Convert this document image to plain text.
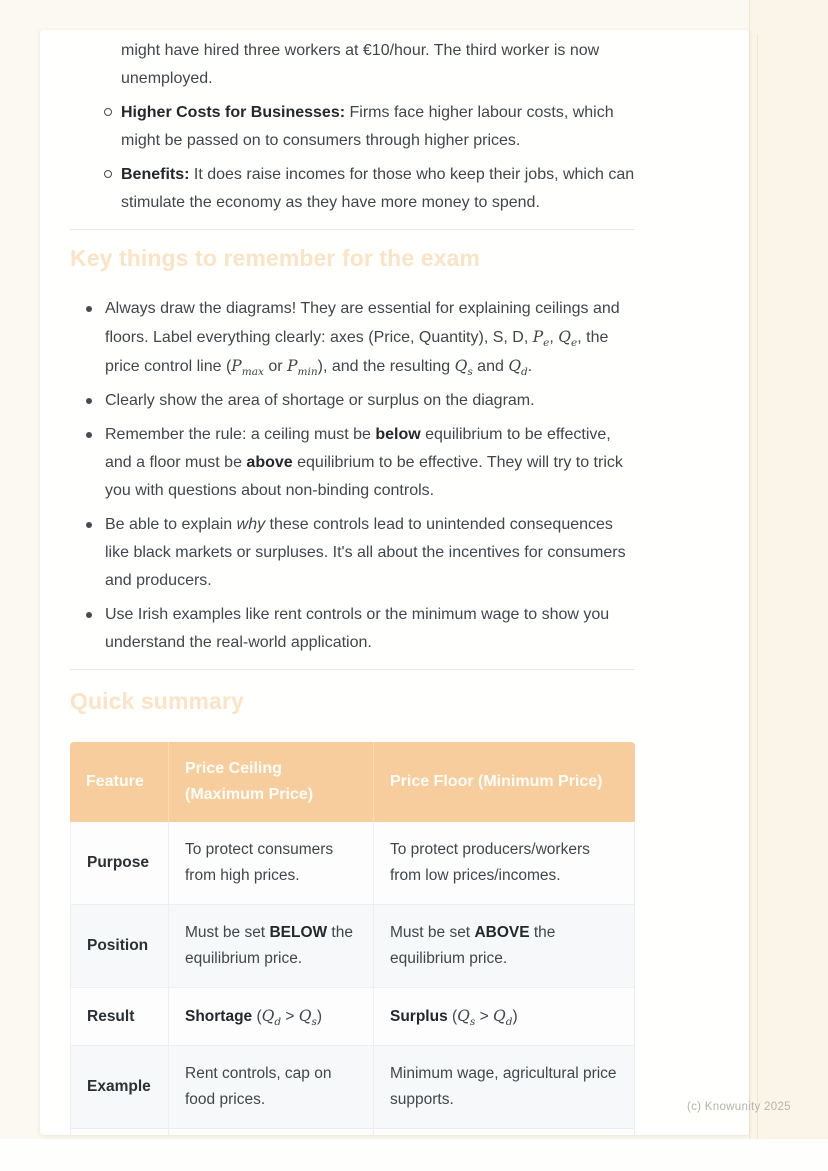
might have hired three workers at €10/hour. The third worker is now unemployed.

Higher Costs for Businesses: Firms face higher labour costs, which might be passed on to consumers through higher prices.
Benefits: It does raise incomes for those who keep their jobs, which can stimulate the economy as they have more money to spend.
Key things to remember for the exam
Always draw the diagrams! They are essential for explaining ceilings and floors. Label everything clearly: axes (Price, Quantity), S, D, $P_e$, $Q_e$, the price control line ($P_{max}$ or $P_{min}$), and the resulting $Q_s$ and $Q_d$.
Clearly show the area of shortage or surplus on the diagram.
Remember the rule: a ceiling must be below equilibrium to be effective, and a floor must be above equilibrium to be effective. They will try to trick you with questions about non-binding controls.
Be able to explain why these controls lead to unintended consequences like black markets or surpluses. It's all about the incentives for consumers and producers.
Use Irish examples like rent controls or the minimum wage to show you understand the real-world application.
Quick summary
Feature	Price Ceiling (Maximum Price)	Price Floor (Minimum Price)
Purpose	To protect consumers from high prices.	To protect producers/workers from low prices/incomes.
Position	Must be set BELOW the equilibrium price.	Must be set ABOVE the equilibrium price.
Result	Shortage $(Q_d > Q_s)$	Surplus $(Q_s > Q_d)$
Example	Rent controls, cap on food prices.	Minimum wage, agricultural price supports.
			(c) Knowunity 2025
